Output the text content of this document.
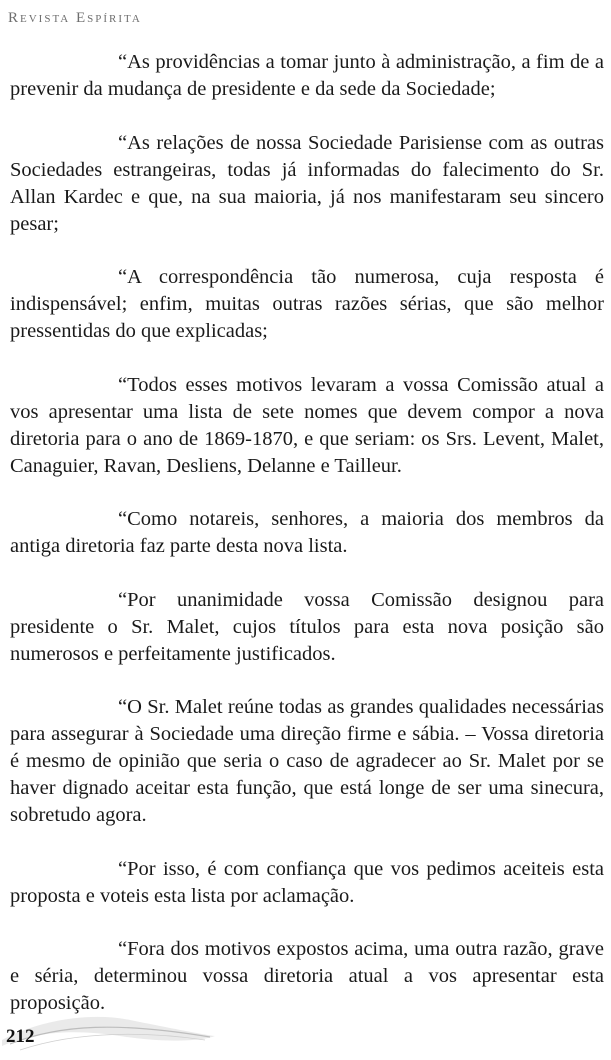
Revista Espírita

“As providências a tomar junto à administração, a fim de a prevenir da mudança de presidente e da sede da Sociedade;

“As relações de nossa Sociedade Parisiense com as outras Sociedades estrangeiras, todas já informadas do falecimento do Sr. Allan Kardec e que, na sua maioria, já nos manifestaram seu sincero pesar;

“A correspondência tão numerosa, cuja resposta é indispensável; enfim, muitas outras razões sérias, que são melhor pressentidas do que explicadas;

“Todos esses motivos levaram a vossa Comissão atual a vos apresentar uma lista de sete nomes que devem compor a nova diretoria para o ano de 1869-1870, e que seriam: os Srs. Levent, Malet, Canaguier, Ravan, Desliens, Delanne e Tailleur.

“Como notareis, senhores, a maioria dos membros da antiga diretoria faz parte desta nova lista.

“Por unanimidade vossa Comissão designou para presidente o Sr. Malet, cujos títulos para esta nova posição são numerosos e perfeitamente justificados.

“O Sr. Malet reúne todas as grandes qualidades necessárias para assegurar à Sociedade uma direção firme e sábia. – Vossa diretoria é mesmo de opinião que seria o caso de agradecer ao Sr. Malet por se haver dignado aceitar esta função, que está longe de ser uma sinecura, sobretudo agora.

“Por isso, é com confiança que vos pedimos aceiteis esta proposta e voteis esta lista por aclamação.

“Fora dos motivos expostos acima, uma outra razão, grave e séria, determinou vossa diretoria atual a vos apresentar esta proposição.

212
